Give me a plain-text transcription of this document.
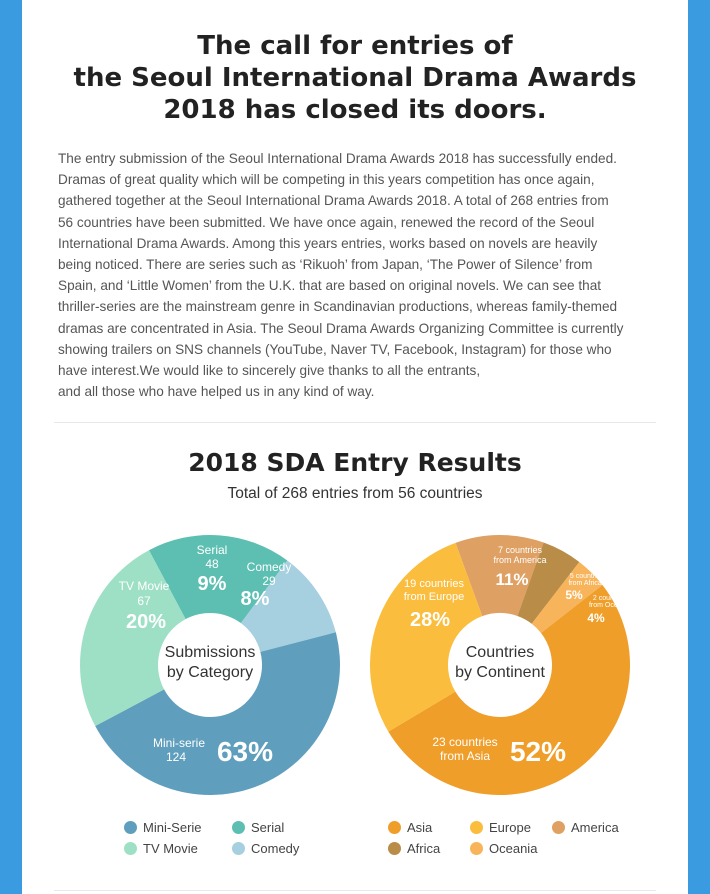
The call for entries of
the Seoul International Drama Awards
2018 has closed its doors.
The entry submission of the Seoul International Drama Awards 2018 has successfully ended.
Dramas of great quality which will be competing in this years competition has once again,
gathered together at the Seoul International Drama Awards 2018. A total of 268 entries from
56 countries have been submitted. We have once again, renewed the record of the Seoul
International Drama Awards. Among this years entries, works based on novels are heavily
being noticed. There are series such as ‘Rikuoh’ from Japan, ‘The Power of Silence’ from
Spain, and ‘Little Women’ from the U.K. that are based on original novels. We can see that
thriller-series are the mainstream genre in Scandinavian productions, whereas family-themed
dramas are concentrated in Asia. The Seoul Drama Awards Organizing Committee is currently
showing trailers on SNS channels (YouTube, Naver TV, Facebook, Instagram) for those who
have interest.We would like to sincerely give thanks to all the entrants,
and all those who have helped us in any kind of way.
2018 SDA Entry Results
Total of 268 entries from 56 countries
Submissions
by Category
Serial
48
9%
Comedy
29
8%
TV Movie
67
20%
Mini-serie
124 63%
Countries
by Continent
19 countries
from Europe
28%
7 countries
from America
11%	5 countries
from African
5% 2 countries
from Oceania
4%
23 countries
from Asia 52%
Mini-Serie	Serial
TV Movie	Comedy
Asia	Europe	America
Africa	Oceania
